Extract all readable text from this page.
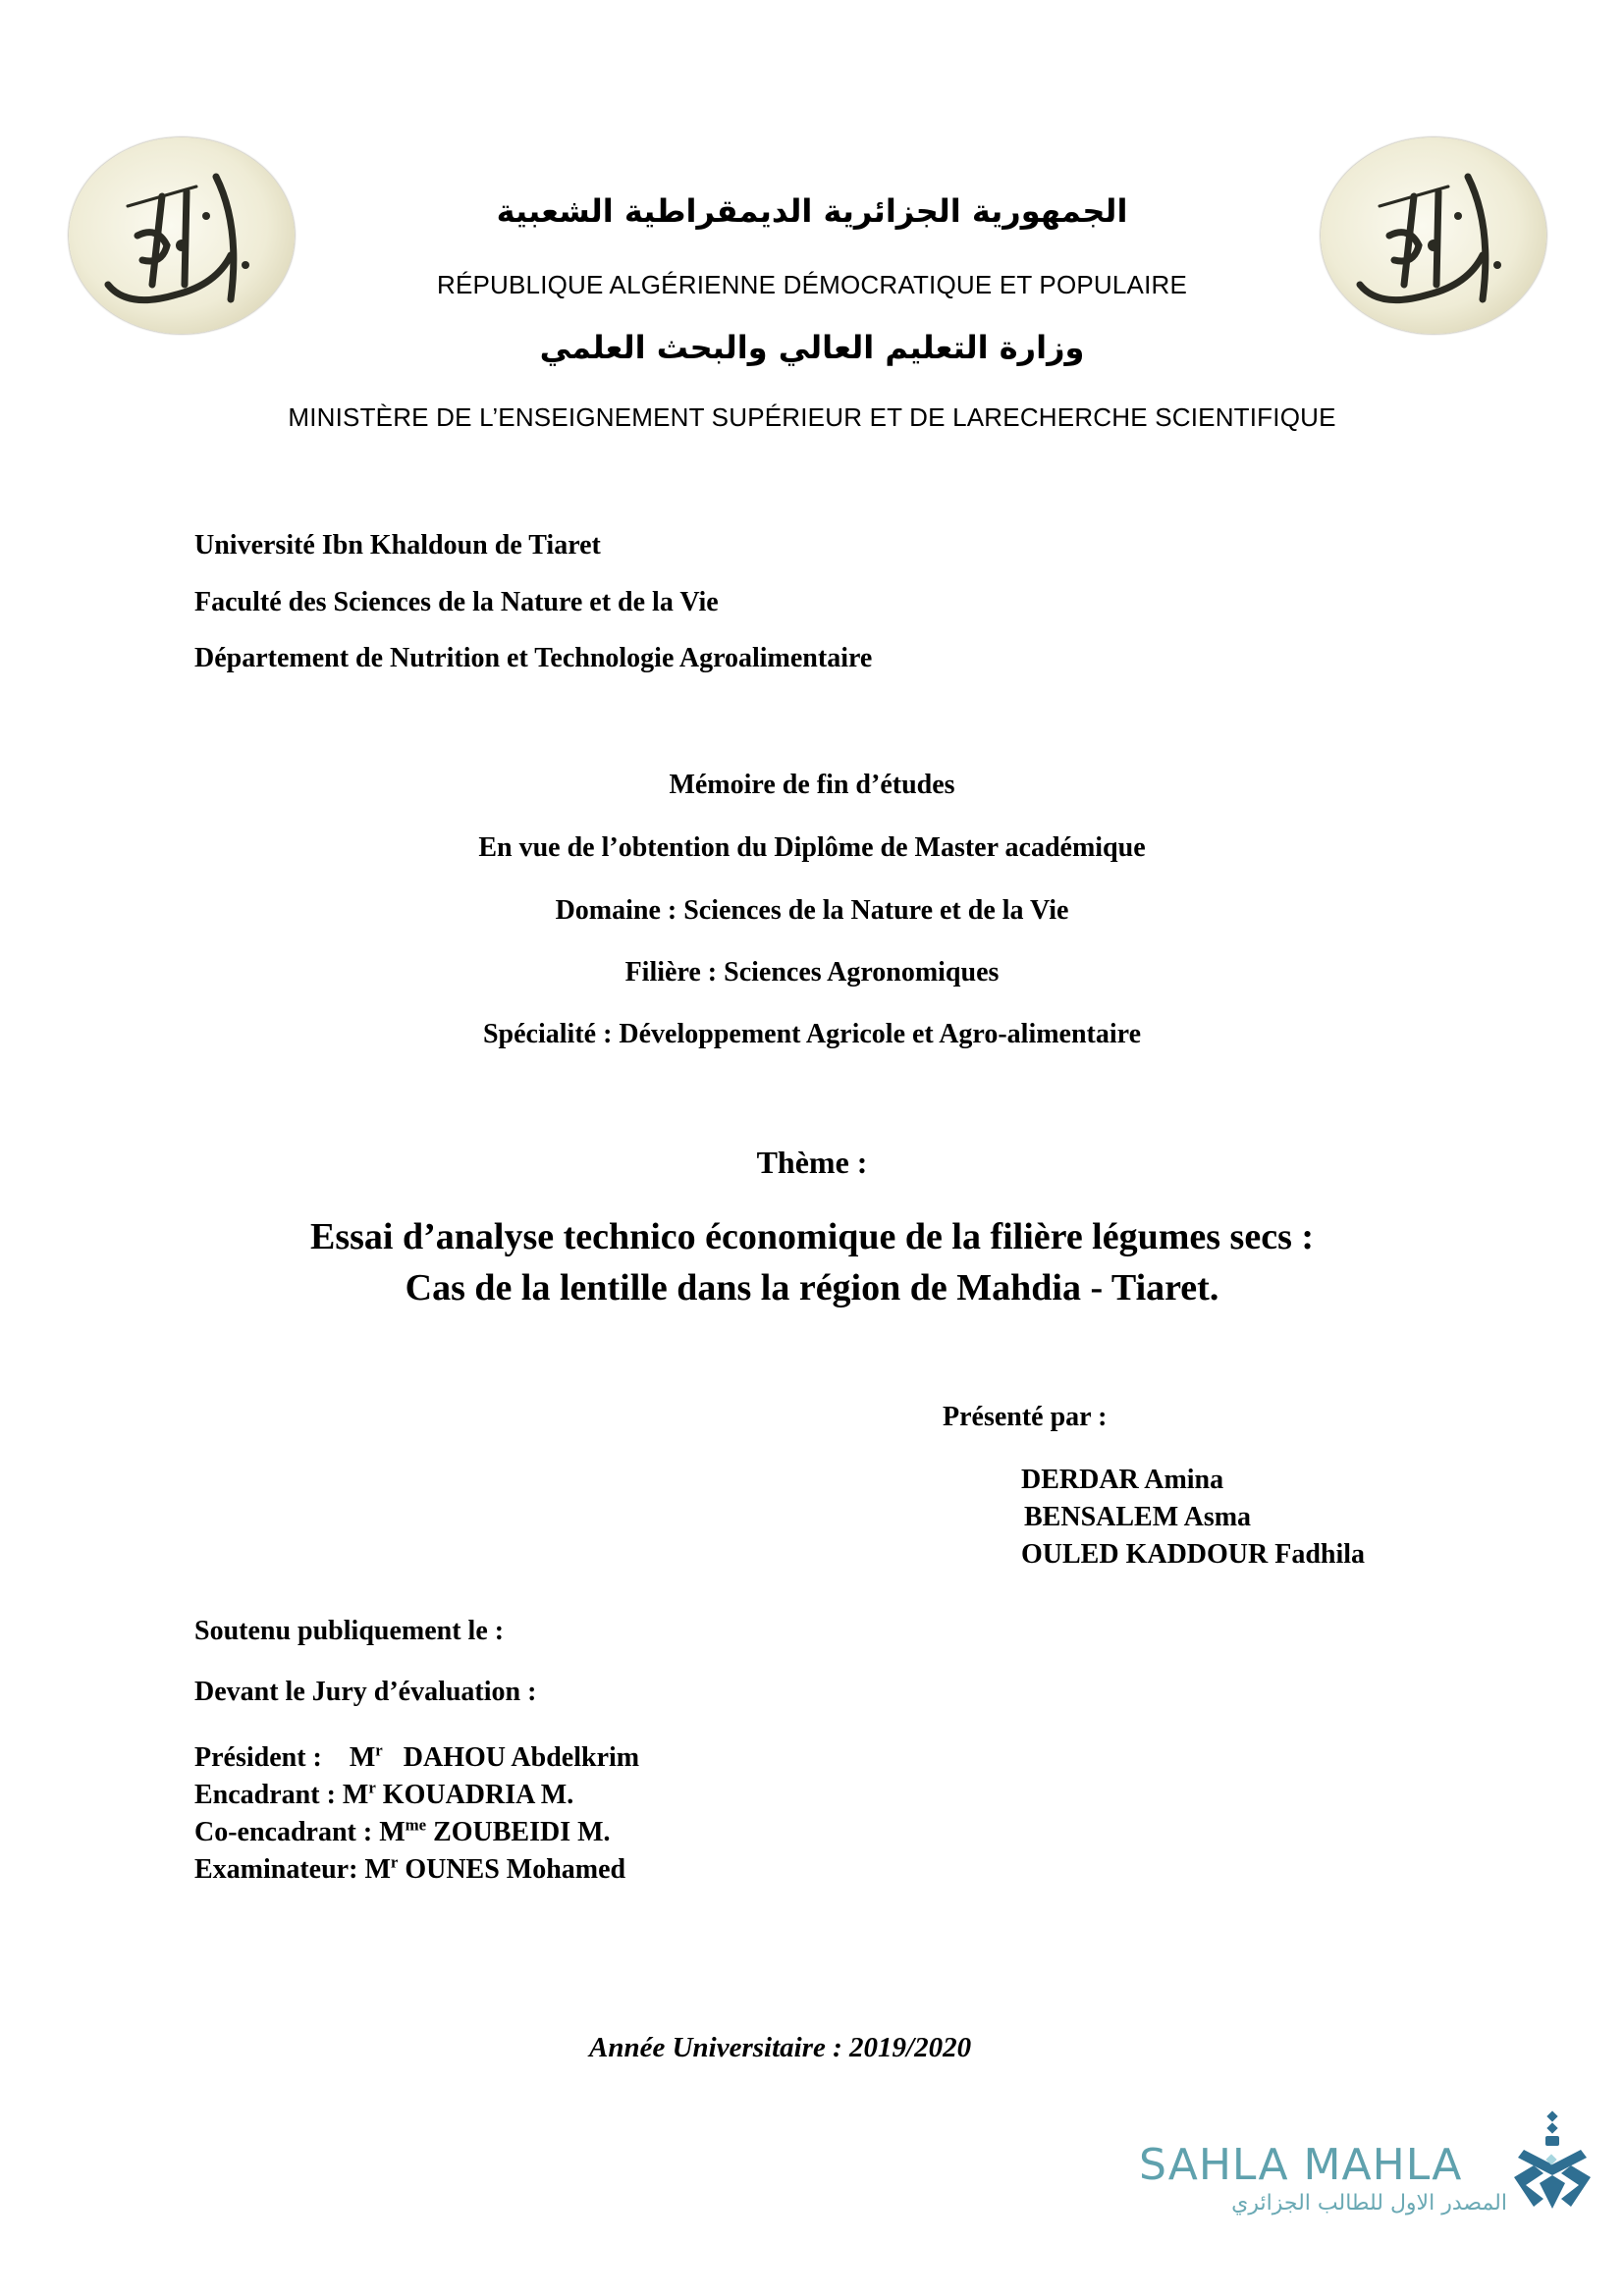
الجمهورية الجزائرية الديمقراطية الشعبية
RÉPUBLIQUE ALGÉRIENNE DÉMOCRATIQUE ET POPULAIRE
وزارة التعليم العالي والبحث العلمي
MINISTÈRE DE L’ENSEIGNEMENT SUPÉRIEUR ET DE LARECHERCHE SCIENTIFIQUE
Université Ibn Khaldoun de Tiaret
Faculté des Sciences de la Nature et de la Vie
Département de Nutrition et Technologie Agroalimentaire
Mémoire de fin d’études
En vue de l’obtention du Diplôme de Master académique
Domaine : Sciences de la Nature et de la Vie
Filière : Sciences Agronomiques
Spécialité : Développement Agricole et Agro-alimentaire
Thème :
Essai d’analyse technico économique de la filière légumes secs :
Cas de la lentille dans la région de Mahdia - Tiaret.
Présenté par :
DERDAR Amina
BENSALEM Asma
OULED KADDOUR Fadhila
Soutenu publiquement le :
Devant le Jury d’évaluation :
Président : $M^r$ DAHOU Abdelkrim
Encadrant : $M^r$ KOUADRIA M.
Co-encadrant : $M^{me}$ ZOUBEIDI M.
Examinateur: $M^r$ OUNES Mohamed
Année Universitaire : 2019/2020
SAHLA MAHLA
المصدر الاول للطالب الجزائري
